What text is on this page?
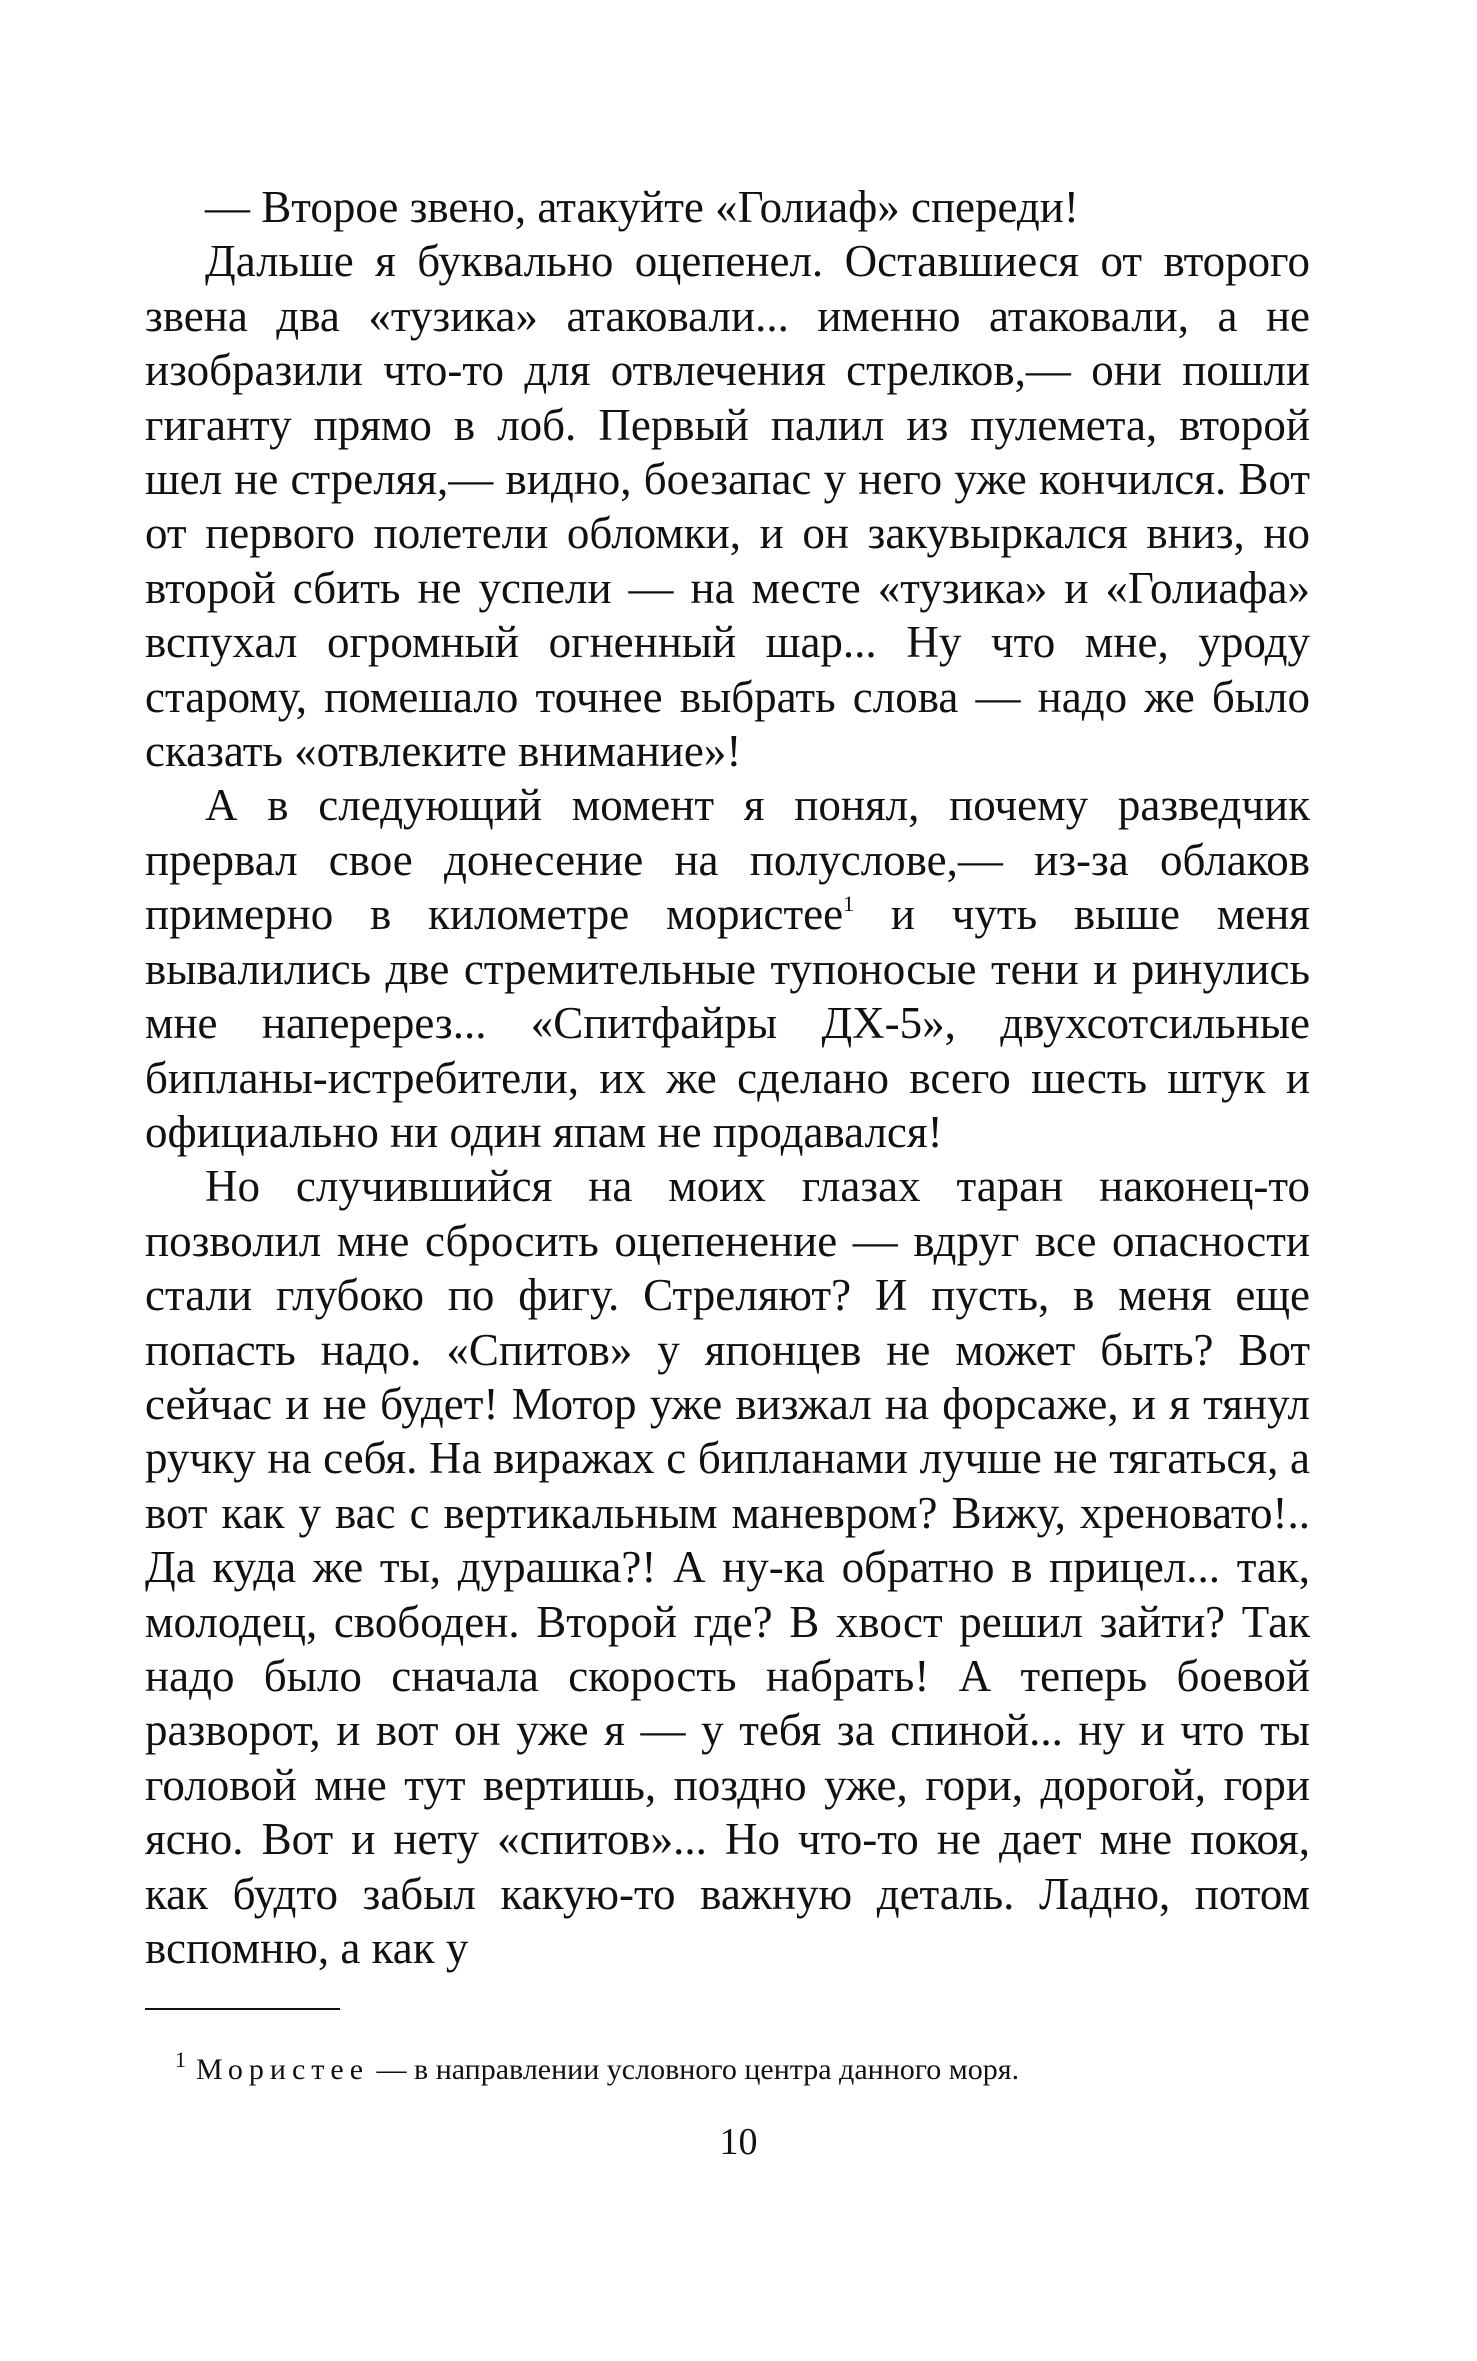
— Второе звено, атакуйте «Голиаф» спереди!

Дальше я буквально оцепенел. Оставшиеся от второго звена два «тузика» атаковали... именно атаковали, а не изобразили что-то для отвлечения стрелков,— они пошли гиганту прямо в лоб. Первый палил из пулемета, второй шел не стреляя,— видно, боезапас у него уже кончился. Вот от первого полетели обломки, и он закувыркался вниз, но второй сбить не успели — на месте «тузика» и «Голиафа» вспухал огромный огненный шар... Ну что мне, уроду старому, помешало точнее выбрать слова — надо же было сказать «отвлеките внимание»!

А в следующий момент я понял, почему разведчик прервал свое донесение на полуслове,— из-за облаков примерно в километре мористее$^1$ и чуть выше меня вывалились две стремительные тупоносые тени и ринулись мне наперерез... «Спитфайры ДХ-5», двухсотсильные бипланы-истребители, их же сделано всего шесть штук и официально ни один япам не продавался!

Но случившийся на моих глазах таран наконец-то позволил мне сбросить оцепенение — вдруг все опасности стали глубоко по фигу. Стреляют? И пусть, в меня еще попасть надо. «Спитов» у японцев не может быть? Вот сейчас и не будет! Мотор уже визжал на форсаже, и я тянул ручку на себя. На виражах с бипланами лучше не тягаться, а вот как у вас с вертикальным маневром? Вижу, хреновато!.. Да куда же ты, дурашка?! А ну-ка обратно в прицел... так, молодец, свободен. Второй где? В хвост решил зайти? Так надо было сначала скорость набрать! А теперь боевой разворот, и вот он уже я — у тебя за спиной... ну и что ты головой мне тут вертишь, поздно уже, гори, дорогой, гори ясно. Вот и нету «спитов»... Но что-то не дает мне покоя, как будто забыл какую-то важную деталь. Ладно, потом вспомню, а как у

$^1$ Мористее — в направлении условного центра данного моря.
10
